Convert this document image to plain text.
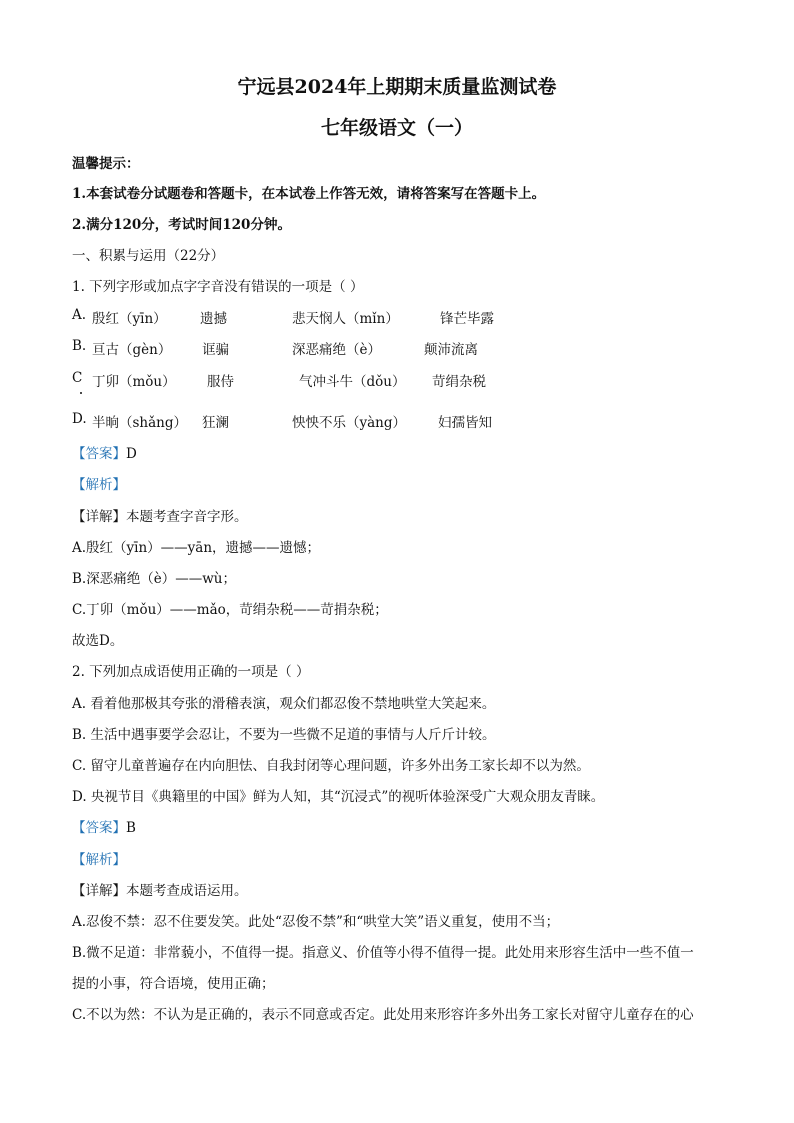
宁远县2024年上期期末质量监测试卷
七年级语文（一）
温馨提示：
1.本套试卷分试题卷和答题卡，在本试卷上作答无效，请将答案写在答题卡上。
2.满分120分，考试时间120分钟。
一、积累与运用（22分）
1. 下列字形或加点字字音没有错误的一项是（ ）
A. 殷红（yīn） 遗撼	悲天悯人（mǐn）	锋芒毕露
B. 亘古（gèn） 诓骗	深恶痛绝（è）	颠沛流离
C 丁卯（mǒu） 服侍	气冲斗牛（dǒu） 苛绢杂税
D. 半晌（shǎng） 狂澜	怏怏不乐（yàng） 妇孺皆知
【答案】D
【解析】
【详解】本题考查字音字形。
A.殷红（yīn）——yān，遗撼——遗憾；
B.深恶痛绝（è）——wù；
C.丁卯（mǒu）——mǎo，苛绢杂税——苛捐杂税；
故选D。
2. 下列加点成语使用正确的一项是（ ）
A. 看着他那极其夸张的滑稽表演，观众们都忍俊不禁地哄堂大笑起来。
B. 生活中遇事要学会忍让，不要为一些微不足道的事情与人斤斤计较。
C. 留守儿童普遍存在内向胆怯、自我封闭等心理问题，许多外出务工家长却不以为然。
D. 央视节目《典籍里的中国》鲜为人知，其“沉浸式”的视听体验深受广大观众朋友青睐。
【答案】B
【解析】
【详解】本题考查成语运用。
A.忍俊不禁：忍不住要发笑。此处“忍俊不禁”和“哄堂大笑”语义重复，使用不当；
B.微不足道：非常藐小，不值得一提。指意义、价值等小得不值得一提。此处用来形容生活中一些不值一
提的小事，符合语境，使用正确；
C.不以为然：不认为是正确的，表示不同意或否定。此处用来形容许多外出务工家长对留守儿童存在的心
